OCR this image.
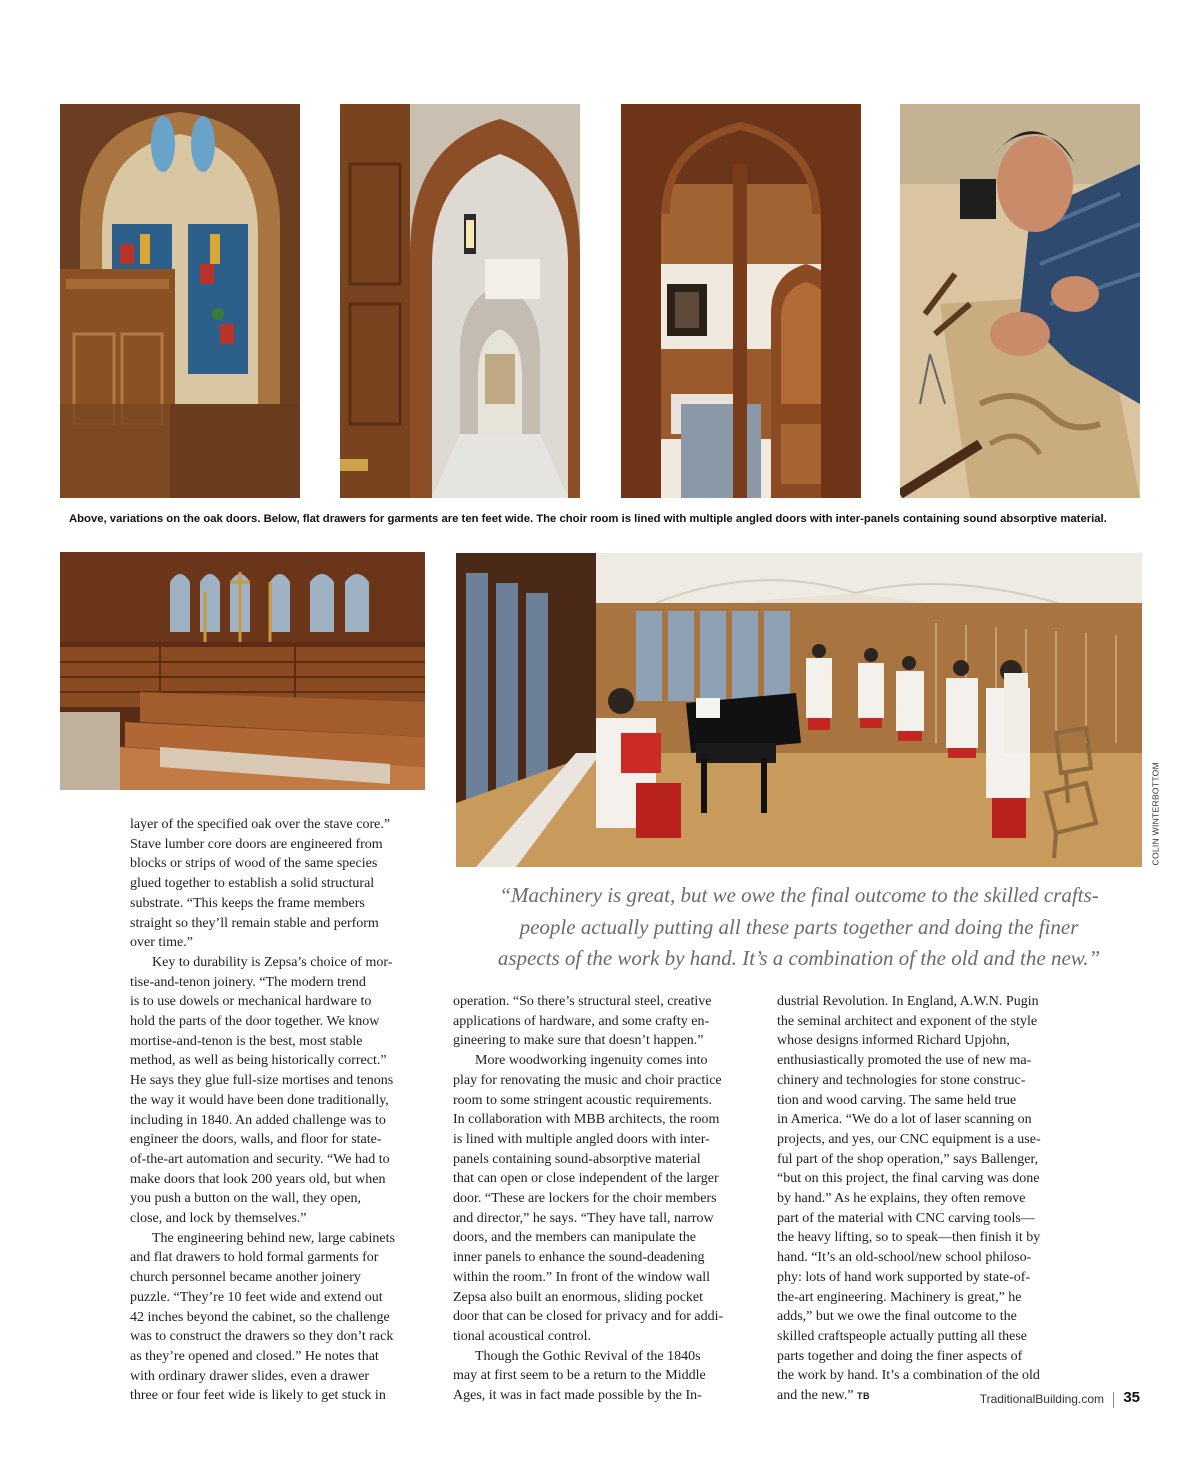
Above, variations on the oak doors. Below, flat drawers for garments are ten feet wide. The choir room is lined with multiple angled doors with inter-panels containing sound absorptive material.
COLIN WINTERBOTTOM
“Machinery is great, but we owe the final outcome to the skilled crafts-
people actually putting all these parts together and doing the finer
aspects of the work by hand. It’s a combination of the old and the new.”
layer of the specified oak over the stave core.”
Stave lumber core doors are engineered from
blocks or strips of wood of the same species
glued together to establish a solid structural
substrate. “This keeps the frame members
straight so they’ll remain stable and perform
over time.”
Key to durability is Zepsa’s choice of mor-
tise-and-tenon joinery. “The modern trend
is to use dowels or mechanical hardware to
hold the parts of the door together. We know
mortise-and-tenon is the best, most stable
method, as well as being historically correct.”
He says they glue full-size mortises and tenons
the way it would have been done traditionally,
including in 1840. An added challenge was to
engineer the doors, walls, and floor for state-
of-the-art automation and security. “We had to
make doors that look 200 years old, but when
you push a button on the wall, they open,
close, and lock by themselves.”
The engineering behind new, large cabinets
and flat drawers to hold formal garments for
church personnel became another joinery
puzzle. “They’re 10 feet wide and extend out
42 inches beyond the cabinet, so the challenge
was to construct the drawers so they don’t rack
as they’re opened and closed.” He notes that
with ordinary drawer slides, even a drawer
three or four feet wide is likely to get stuck in
operation. “So there’s structural steel, creative
applications of hardware, and some crafty en-
gineering to make sure that doesn’t happen.”
More woodworking ingenuity comes into
play for renovating the music and choir practice
room to some stringent acoustic requirements.
In collaboration with MBB architects, the room
is lined with multiple angled doors with inter-
panels containing sound-absorptive material
that can open or close independent of the larger
door. “These are lockers for the choir members
and director,” he says. “They have tall, narrow
doors, and the members can manipulate the
inner panels to enhance the sound-deadening
within the room.” In front of the window wall
Zepsa also built an enormous, sliding pocket
door that can be closed for privacy and for addi-
tional acoustical control.
Though the Gothic Revival of the 1840s
may at first seem to be a return to the Middle
Ages, it was in fact made possible by the In-
dustrial Revolution. In England, A.W.N. Pugin
the seminal architect and exponent of the style
whose designs informed Richard Upjohn,
enthusiastically promoted the use of new ma-
chinery and technologies for stone construc-
tion and wood carving. The same held true
in America. “We do a lot of laser scanning on
projects, and yes, our CNC equipment is a use-
ful part of the shop operation,” says Ballenger,
“but on this project, the final carving was done
by hand.” As he explains, they often remove
part of the material with CNC carving tools—
the heavy lifting, so to speak—then finish it by
hand. “It’s an old-school/new school philoso-
phy: lots of hand work supported by state-of-
the-art engineering. Machinery is great,” he
adds,” but we owe the final outcome to the
skilled craftspeople actually putting all these
parts together and doing the finer aspects of
the work by hand. It’s a combination of the old
and the new.” TB	TraditionalBuilding.com 35
